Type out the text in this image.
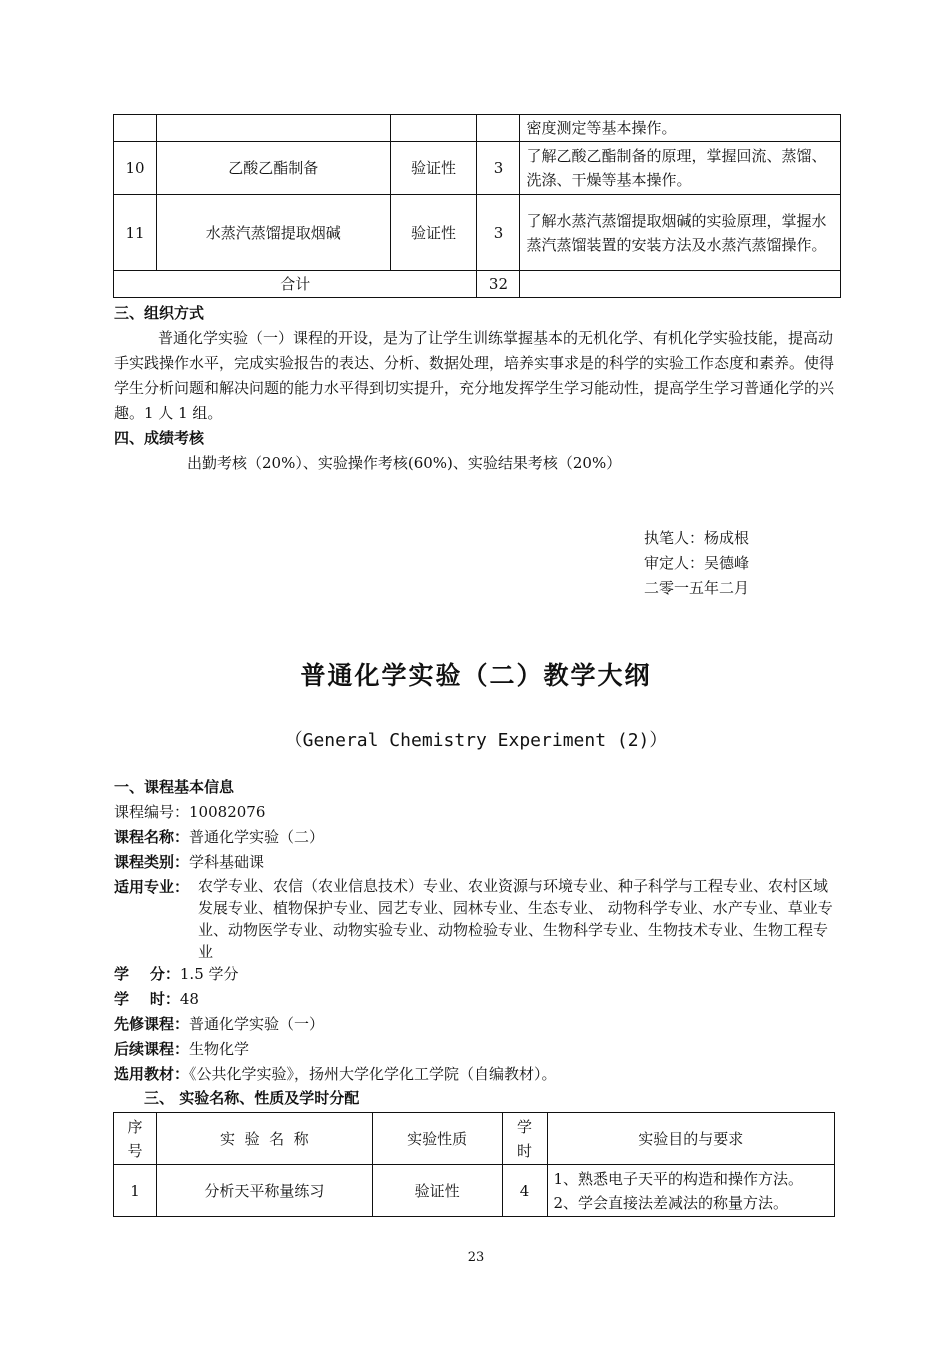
				密度测定等基本操作。
10	乙酸乙酯制备	验证性	3	了解乙酸乙酯制备的原理，掌握回流、蒸馏、洗涤、干燥等基本操作。
11	水蒸汽蒸馏提取烟碱	验证性	3	了解水蒸汽蒸馏提取烟碱的实验原理，掌握水蒸汽蒸馏装置的安装方法及水蒸汽蒸馏操作。
合计			32	
三、组织方式
普通化学实验（一）课程的开设，是为了让学生训练掌握基本的无机化学、有机化学实验技能，提高动手实践操作水平，完成实验报告的表达、分析、数据处理，培养实事求是的科学的实验工作态度和素养。使得学生分析问题和解决问题的能力水平得到切实提升，充分地发挥学生学习能动性，提高学生学习普通化学的兴趣。1 人 1 组。
四、成绩考核
出勤考核（20%）、实验操作考核(60%)、实验结果考核（20%）
执笔人：杨成根
审定人：吴德峰
二零一五年二月
普通化学实验（二）教学大纲
（General Chemistry Experiment (2)）
一、课程基本信息
课程编号：10082076
课程名称：普通化学实验（二）
课程类别：学科基础课
适用专业： 农学专业、农信（农业信息技术）专业、农业资源与环境专业、种子科学与工程专业、农村区域发展专业、植物保护专业、园艺专业、园林专业、生态专业、 动物科学专业、水产专业、草业专业、动物医学专业、动物实验专业、动物检验专业、生物科学专业、生物技术专业、生物工程专业
学    分：1.5 学分
学    时：48
先修课程：普通化学实验（一）
后续课程：生物化学
选用教材：《公共化学实验》，扬州大学化学化工学院（自编教材）。
三、 实验名称、性质及学时分配
序号	实  验  名  称	实验性质	学时	实验目的与要求
1	分析天平称量练习	验证性	4	1、熟悉电子天平的构造和操作方法。
2、学会直接法差减法的称量方法。
23
